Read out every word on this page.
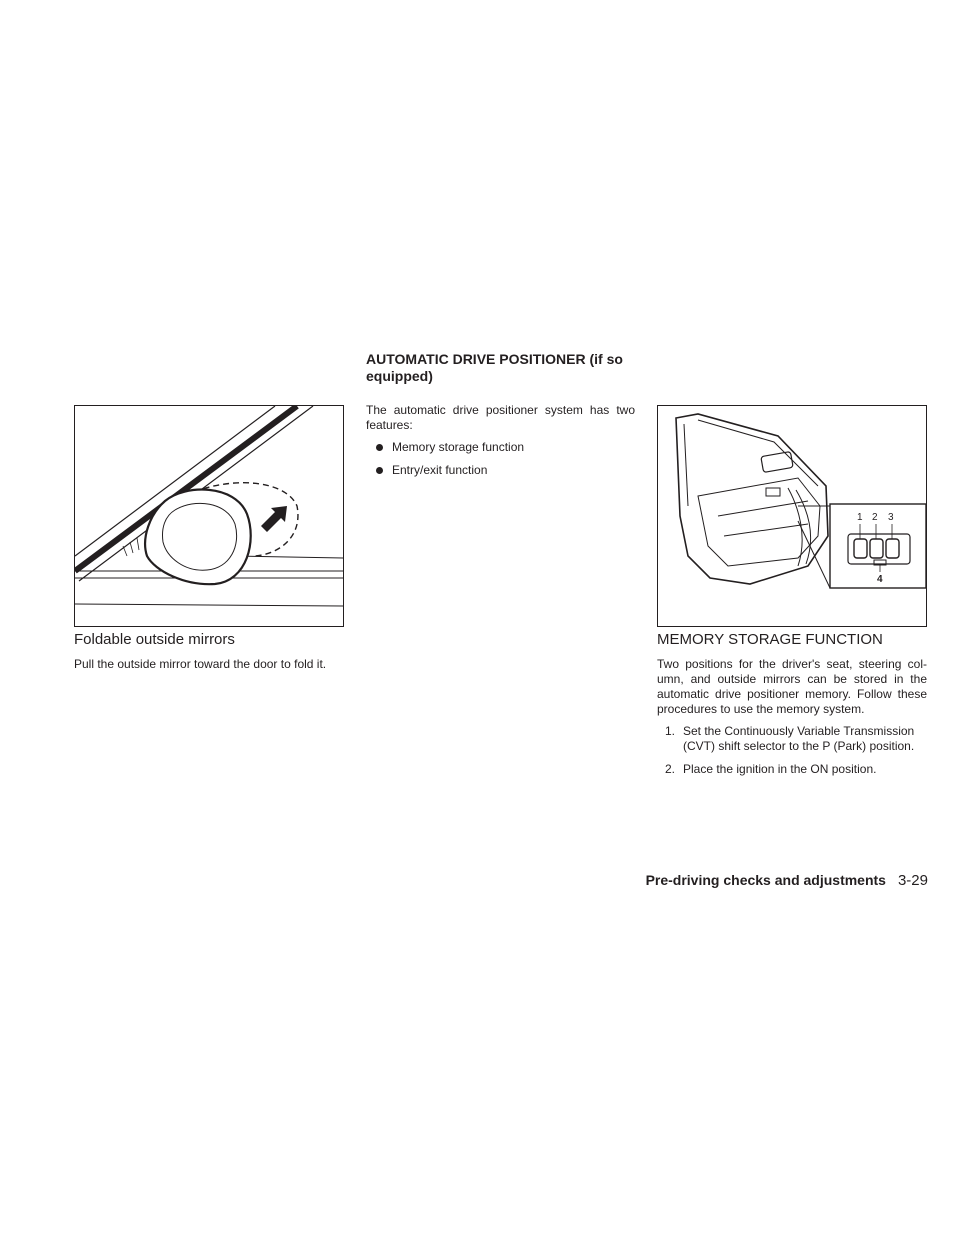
Foldable outside mirrors

Pull the outside mirror toward the door to fold it.

AUTOMATIC DRIVE POSITIONER (if so equipped)

The automatic drive positioner system has two features:

Memory storage function
Entry/exit function
1 2 3
4

MEMORY STORAGE FUNCTION

Two positions for the driver's seat, steering col-umn, and outside mirrors can be stored in the automatic drive positioner memory. Follow these procedures to use the memory system.

1. Set the Continuously Variable Transmission (CVT) shift selector to the P (Park) position.
2. Place the ignition in the ON position.
Pre-driving checks and adjustments 3-29
